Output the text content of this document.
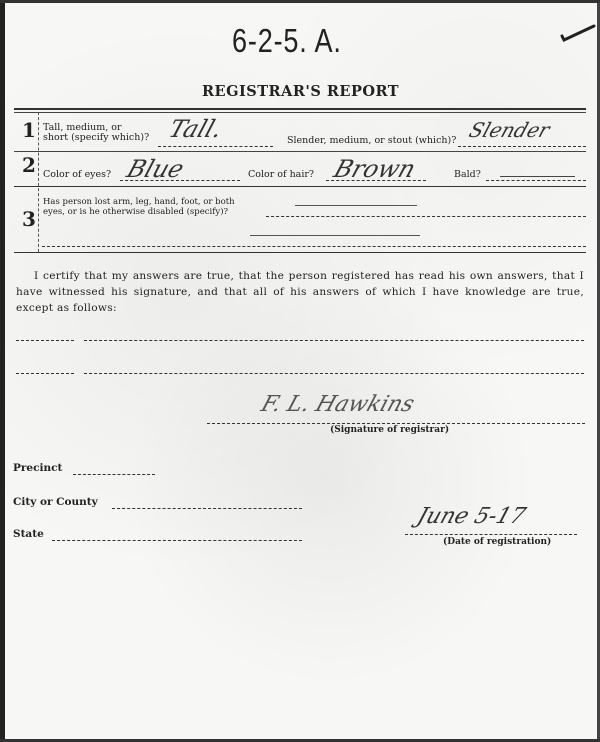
6-2-5. A.
REGISTRAR'S REPORT
1 Tall, medium, or
short (specify which)? Tall.	Slender, medium, or stout (which)? Slender
2 Color of eyes? Blue	Color of hair? Brown	Bald?
3
Has person lost arm, leg, hand, foot, or both
eyes, or is he otherwise disabled (specify)?
I certify that my answers are true, that the person registered has read his own answers, that I have witnessed his signature, and that all of his answers of which I have knowledge are true, except as follows:
F. L. Hawkins
(Signature of registrar)
Precinct
City or County
State
June 5-17
(Date of registration)
